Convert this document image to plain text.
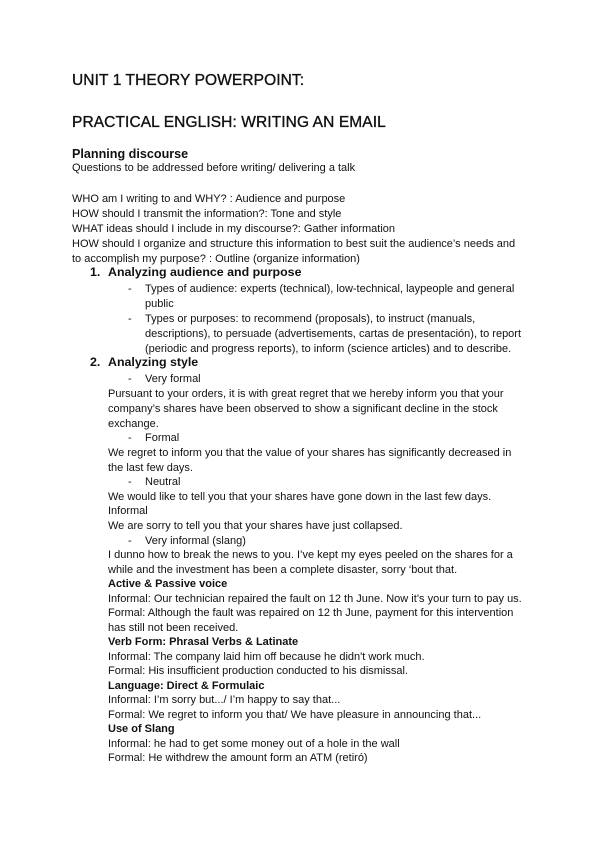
UNIT 1 THEORY POWERPOINT:
PRACTICAL ENGLISH: WRITING AN EMAIL
Planning discourse
Questions to be addressed before writing/ delivering a talk
WHO am I writing to and WHY? : Audience and purpose
HOW should I transmit the information?: Tone and style
WHAT ideas should I include in my discourse?: Gather information
HOW should I organize and structure this information to best suit the audience’s needs and
to accomplish my purpose? : Outline (organize information)
1. Analyzing audience and purpose
- Types of audience: experts (technical), low-technical, laypeople and general
public
- Types or purposes: to recommend (proposals), to instruct (manuals,
descriptions), to persuade (advertisements, cartas de presentación), to report
(periodic and progress reports), to inform (science articles) and to describe.
2. Analyzing style
- Very formal
Pursuant to your orders, it is with great regret that we hereby inform you that your
company’s shares have been observed to show a significant decline in the stock
exchange.
- Formal
We regret to inform you that the value of your shares has significantly decreased in
the last few days.
- Neutral
We would like to tell you that your shares have gone down in the last few days.
Informal
We are sorry to tell you that your shares have just collapsed.
- Very informal (slang)
I dunno how to break the news to you. I’ve kept my eyes peeled on the shares for a
while and the investment has been a complete disaster, sorry ‘bout that.
Active & Passive voice
Informal: Our technician repaired the fault on 12 th June. Now it’s your turn to pay us.
Formal: Although the fault was repaired on 12 th June, payment for this intervention
has still not been received.
Verb Form: Phrasal Verbs & Latinate
Informal: The company laid him off because he didn't work much.
Formal: His insufficient production conducted to his dismissal.
Language: Direct & Formulaic
Informal: I’m sorry but.../ I’m happy to say that...
Formal: We regret to inform you that/ We have pleasure in announcing that...
Use of Slang
Informal: he had to get some money out of a hole in the wall
Formal: He withdrew the amount form an ATM (retiró)
